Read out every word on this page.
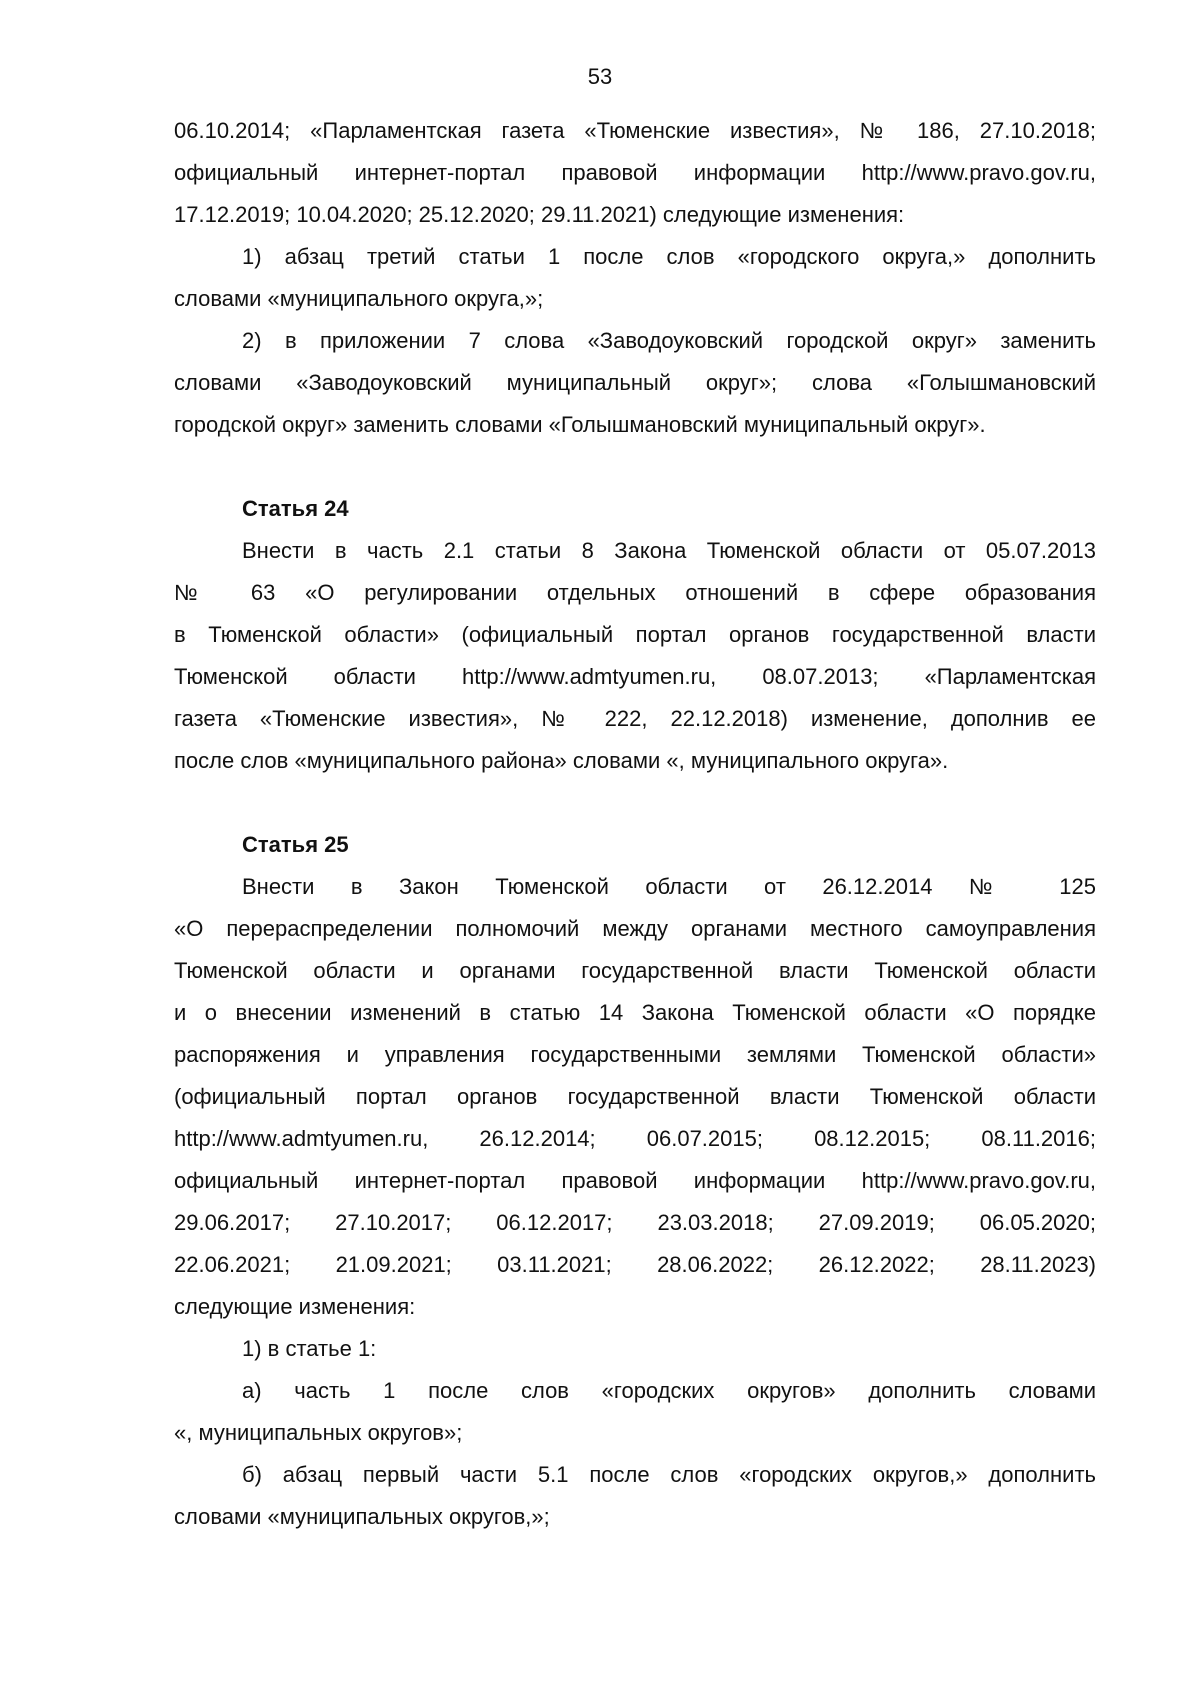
53
06.10.2014; «Парламентская газета «Тюменские известия», № 186, 27.10.2018;
официальный интернет-портал правовой информации http://www.pravo.gov.ru,
17.12.2019; 10.04.2020; 25.12.2020; 29.11.2021) следующие изменения:
1) абзац третий статьи 1 после слов «городского округа,» дополнить
словами «муниципального округа,»;
2) в приложении 7 слова «Заводоуковский городской округ» заменить
словами «Заводоуковский муниципальный округ»; слова «Голышмановский
городской округ» заменить словами «Голышмановский муниципальный округ».
Статья 24
Внести в часть 2.1 статьи 8 Закона Тюменской области от 05.07.2013
№ 63 «О регулировании отдельных отношений в сфере образования
в Тюменской области» (официальный портал органов государственной власти
Тюменской области http://www.admtyumen.ru, 08.07.2013; «Парламентская
газета «Тюменские известия», № 222, 22.12.2018) изменение, дополнив ее
после слов «муниципального района» словами «, муниципального округа».
Статья 25
Внести в Закон Тюменской области от 26.12.2014 № 125
«О перераспределении полномочий между органами местного самоуправления
Тюменской области и органами государственной власти Тюменской области
и о внесении изменений в статью 14 Закона Тюменской области «О порядке
распоряжения и управления государственными землями Тюменской области»
(официальный портал органов государственной власти Тюменской области
http://www.admtyumen.ru, 26.12.2014; 06.07.2015; 08.12.2015; 08.11.2016;
официальный интернет-портал правовой информации http://www.pravo.gov.ru,
29.06.2017; 27.10.2017; 06.12.2017; 23.03.2018; 27.09.2019; 06.05.2020;
22.06.2021; 21.09.2021; 03.11.2021; 28.06.2022; 26.12.2022; 28.11.2023)
следующие изменения:
1) в статье 1:
а) часть 1 после слов «городских округов» дополнить словами
«, муниципальных округов»;
б) абзац первый части 5.1 после слов «городских округов,» дополнить
словами «муниципальных округов,»;
